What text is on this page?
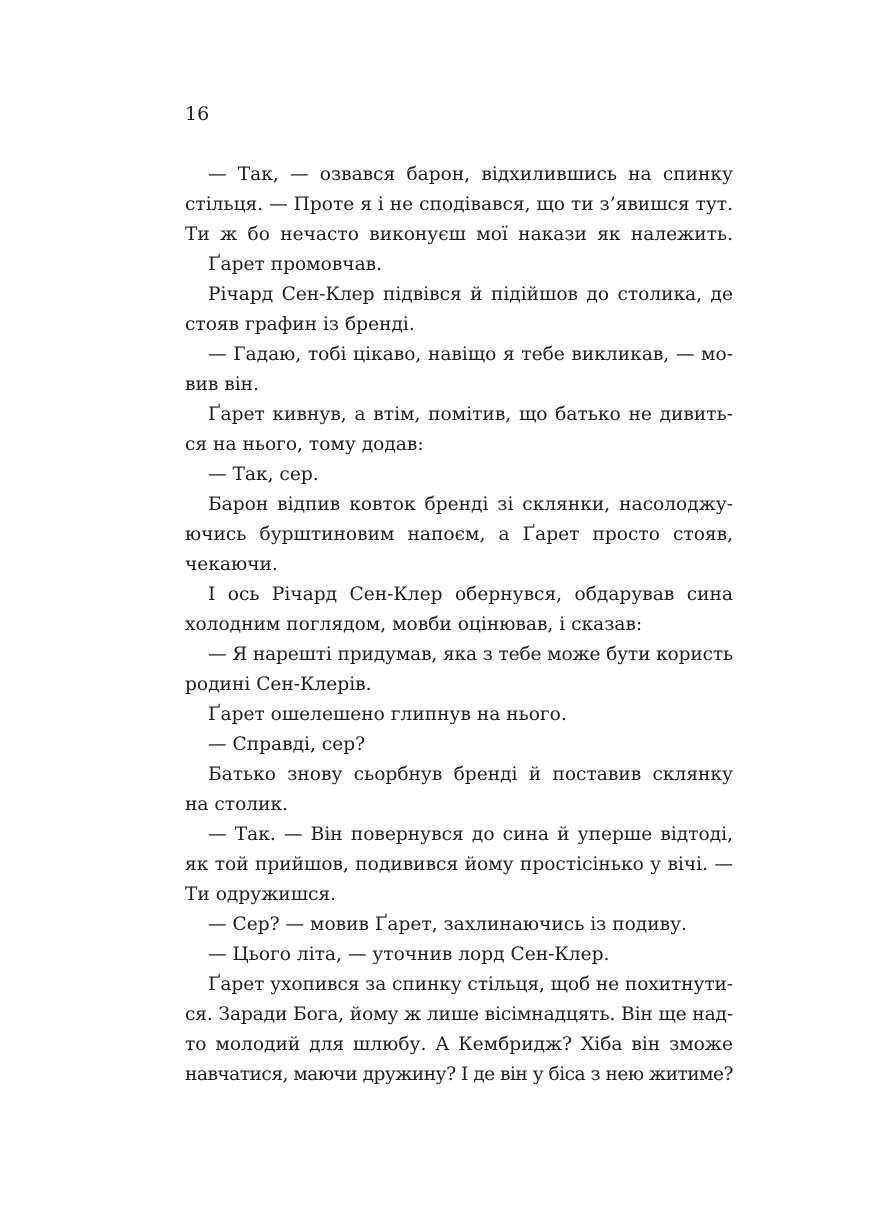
16
— Так, — озвався барон, відхилившись на спинку
стільця. — Проте я і не сподівався, що ти з’явишся тут.
Ти ж бо нечасто виконуєш мої накази як належить.
Ґарет промовчав.
Річард Сен-Клер підвівся й підійшов до столика, де
стояв графин із бренді.
— Гадаю, тобі цікаво, навіщо я тебе викликав, — мо-
вив він.
Ґарет кивнув, а втім, помітив, що батько не дивить-
ся на нього, тому додав:
— Так, сер.
Барон відпив ковток бренді зі склянки, насолоджу-
ючись бурштиновим напоєм, а Ґарет просто стояв,
чекаючи.
І ось Річард Сен-Клер обернувся, обдарував сина
холодним поглядом, мовби оцінював, і сказав:
— Я нарешті придумав, яка з тебе може бути користь
родині Сен-Клерів.
Ґарет ошелешено глипнув на нього.
— Справді, сер?
Батько знову сьорбнув бренді й поставив склянку
на столик.
— Так. — Він повернувся до сина й уперше відтоді,
як той прийшов, подивився йому простісінько у вічі. —
Ти одружишся.
— Сер? — мовив Ґарет, захлинаючись із подиву.
— Цього літа, — уточнив лорд Сен-Клер.
Ґарет ухопився за спинку стільця, щоб не похитнути-
ся. Заради Бога, йому ж лише вісімнадцять. Він ще над-
то молодий для шлюбу. А Кембридж? Хіба він зможе
навчатися, маючи дружину? І де він у біса з нею житиме?
